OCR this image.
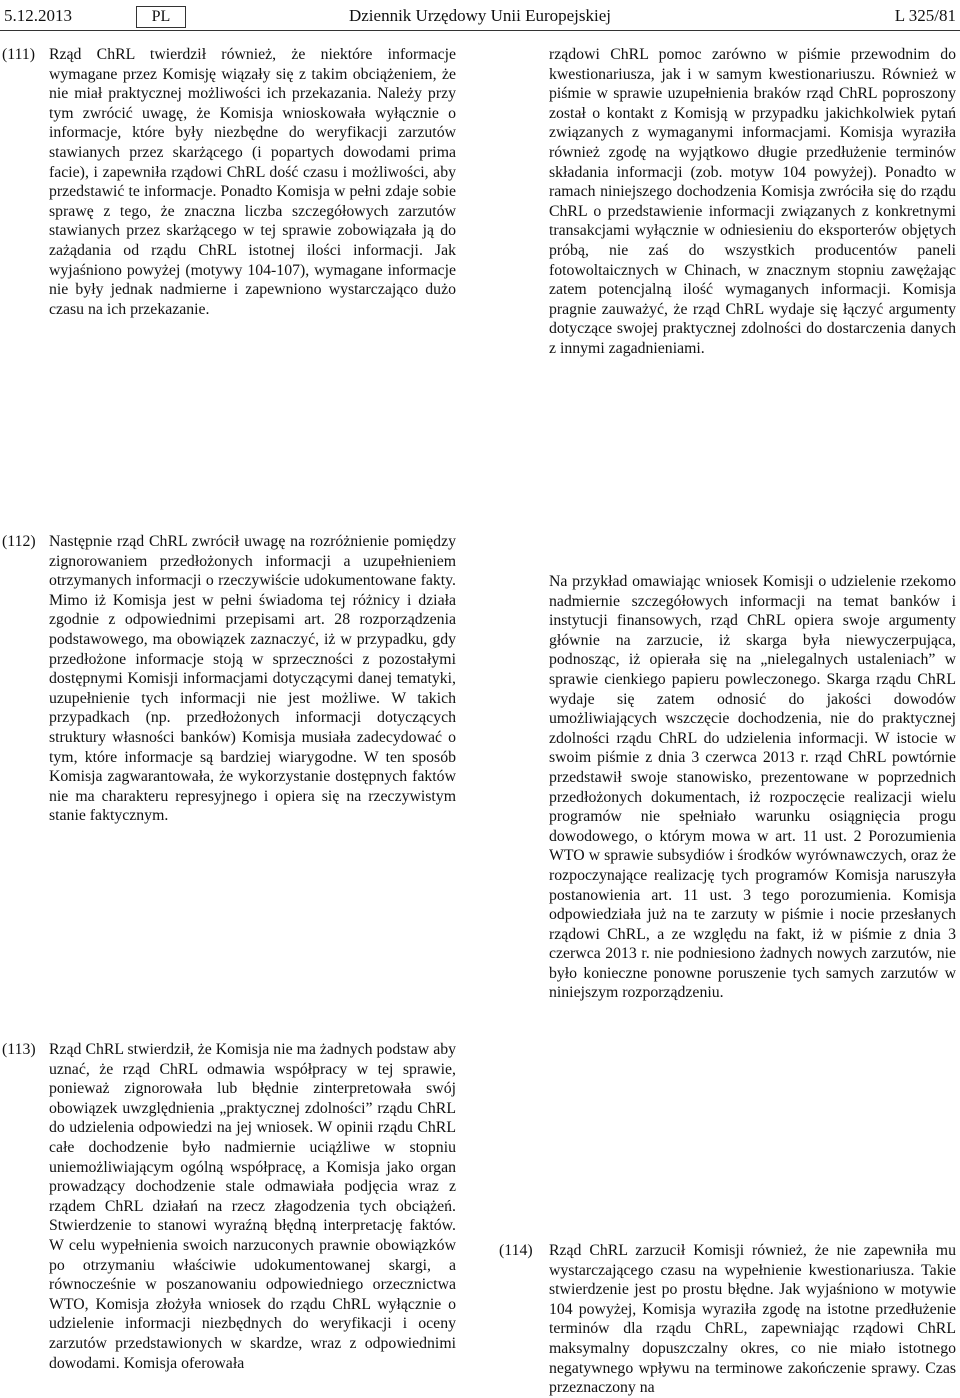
5.12.2013	PL	Dziennik Urzędowy Unii Europejskiej	L 325/81
(111) Rząd ChRL twierdził również, że niektóre informacje wymagane przez Komisję wiązały się z takim obciążeniem, że nie miał praktycznej możliwości ich przekazania. Należy przy tym zwrócić uwagę, że Komisja wnioskowała wyłącznie o informacje, które były niezbędne do weryfikacji zarzutów stawianych przez skarżącego (i popartych dowodami prima facie), i zapewniła rządowi ChRL dość czasu i możliwości, aby przedstawić te informacje. Ponadto Komisja w pełni zdaje sobie sprawę z tego, że znaczna liczba szczegółowych zarzutów stawianych przez skarżącego w tej sprawie zobowiązała ją do zażądania od rządu ChRL istotnej ilości informacji. Jak wyjaśniono powyżej (motywy 104-107), wymagane informacje nie były jednak nadmierne i zapewniono wystarczająco dużo czasu na ich przekazanie.

rządowi ChRL pomoc zarówno w piśmie przewodnim do kwestionariusza, jak i w samym kwestionariuszu. Również w piśmie w sprawie uzupełnienia braków rząd ChRL poproszony został o kontakt z Komisją w przypadku jakichkolwiek pytań związanych z wymaganymi informacjami. Komisja wyraziła również zgodę na wyjątkowo długie przedłużenie terminów składania informacji (zob. motyw 104 powyżej). Ponadto w ramach niniejszego dochodzenia Komisja zwróciła się do rządu ChRL o przedstawienie informacji związanych z konkretnymi transakcjami wyłącznie w odniesieniu do eksporterów objętych próbą, nie zaś do wszystkich producentów paneli fotowoltaicznych w Chinach, w znacznym stopniu zawężając zatem potencjalną ilość wymaganych informacji. Komisja pragnie zauważyć, że rząd ChRL wydaje się łączyć argumenty dotyczące swojej praktycznej zdolności do dostarczenia danych z innymi zagadnieniami.

(112) Następnie rząd ChRL zwrócił uwagę na rozróżnienie pomiędzy zignorowaniem przedłożonych informacji a uzupełnieniem otrzymanych informacji o rzeczywiście udokumentowane fakty. Mimo iż Komisja jest w pełni świadoma tej różnicy i działa zgodnie z odpowiednimi przepisami art. 28 rozporządzenia podstawowego, ma obowiązek zaznaczyć, iż w przypadku, gdy przedłożone informacje stoją w sprzeczności z pozostałymi dostępnymi Komisji informacjami dotyczącymi danej tematyki, uzupełnienie tych informacji nie jest możliwe. W takich przypadkach (np. przedłożonych informacji dotyczących struktury własności banków) Komisja musiała zadecydować o tym, które informacje są bardziej wiarygodne. W ten sposób Komisja zagwarantowała, że wykorzystanie dostępnych faktów nie ma charakteru represyjnego i opiera się na rzeczywistym stanie faktycznym.

Na przykład omawiając wniosek Komisji o udzielenie rzekomo nadmiernie szczegółowych informacji na temat banków i instytucji finansowych, rząd ChRL opiera swoje argumenty głównie na zarzucie, iż skarga była niewyczerpująca, podnosząc, iż opierała się na „nielegalnych ustaleniach” w sprawie cienkiego papieru powleczonego. Skarga rządu ChRL wydaje się zatem odnosić do jakości dowodów umożliwiających wszczęcie dochodzenia, nie do praktycznej zdolności rządu ChRL do udzielenia informacji. W istocie w swoim piśmie z dnia 3 czerwca 2013 r. rząd ChRL powtórnie przedstawił swoje stanowisko, prezentowane w poprzednich przedłożonych dokumentach, iż rozpoczęcie realizacji wielu programów nie spełniało warunku osiągnięcia progu dowodowego, o którym mowa w art. 11 ust. 2 Porozumienia WTO w sprawie subsydiów i środków wyrównawczych, oraz że rozpoczynające realizację tych programów Komisja naruszyła postanowienia art. 11 ust. 3 tego porozumienia. Komisja odpowiedziała już na te zarzuty w piśmie i nocie przesłanych rządowi ChRL, a ze względu na fakt, iż w piśmie z dnia 3 czerwca 2013 r. nie podniesiono żadnych nowych zarzutów, nie było konieczne ponowne poruszenie tych samych zarzutów w niniejszym rozporządzeniu.

(113) Rząd ChRL stwierdził, że Komisja nie ma żadnych podstaw aby uznać, że rząd ChRL odmawia współpracy w tej sprawie, ponieważ zignorowała lub błędnie zinterpretowała swój obowiązek uwzględnienia „praktycznej zdolności” rządu ChRL do udzielenia odpowiedzi na jej wniosek. W opinii rządu ChRL całe dochodzenie było nadmiernie uciążliwe w stopniu uniemożliwiającym ogólną współpracę, a Komisja jako organ prowadzący dochodzenie stale odmawiała podjęcia wraz z rządem ChRL działań na rzecz złagodzenia tych obciążeń. Stwierdzenie to stanowi wyraźną błędną interpretację faktów. W celu wypełnienia swoich narzuconych prawnie obowiązków po otrzymaniu właściwie udokumentowanej skargi, a równocześnie w poszanowaniu odpowiedniego orzecznictwa WTO, Komisja złożyła wniosek do rządu ChRL wyłącznie o udzielenie informacji niezbędnych do weryfikacji i oceny zarzutów przedstawionych w skardze, wraz z odpowiednimi dowodami. Komisja oferowała

(114) Rząd ChRL zarzucił Komisji również, że nie zapewniła mu wystarczającego czasu na wypełnienie kwestionariusza. Takie stwierdzenie jest po prostu błędne. Jak wyjaśniono w motywie 104 powyżej, Komisja wyraziła zgodę na istotne przedłużenie terminów dla rządu ChRL, zapewniając rządowi ChRL maksymalny dopuszczalny okres, co nie miało istotnego negatywnego wpływu na terminowe zakończenie sprawy. Czas przeznaczony na
